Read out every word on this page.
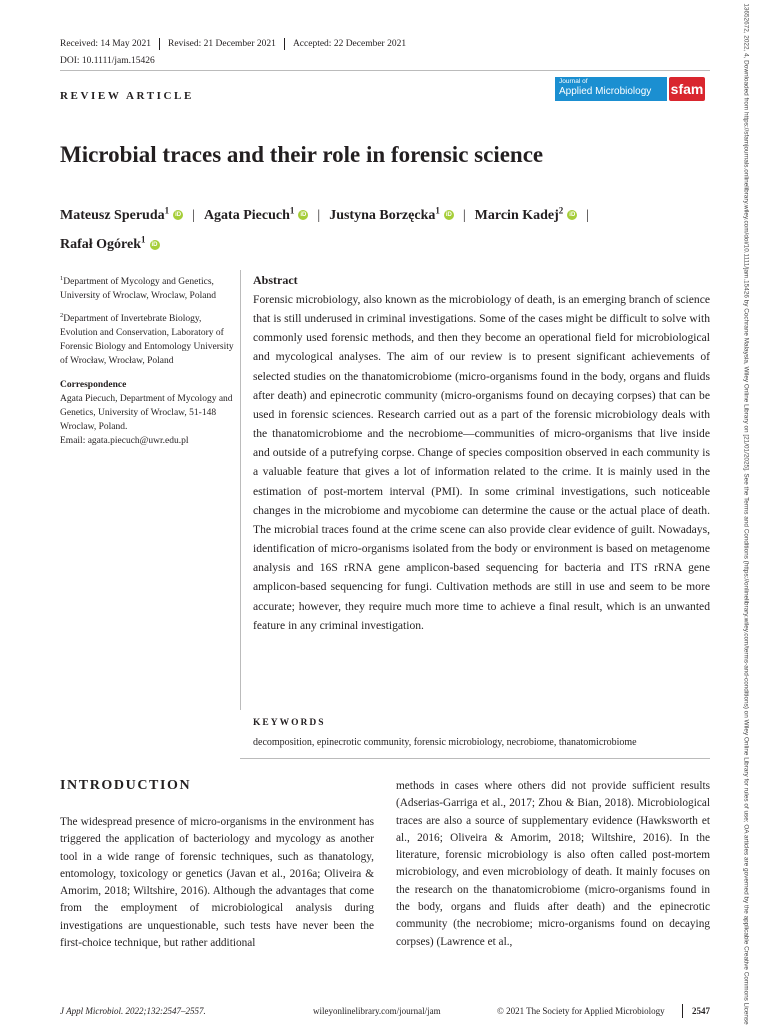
Received: 14 May 2021 Revised: 21 December 2021 Accepted: 22 December 2021
DOI: 10.1111/jam.15426
REVIEW ARTICLE
Journal of
Applied Microbiology sfam
Microbial traces and their role in forensic science
Mateusz Speruda$^1$iD | Agata Piecuch$^1$iD | Justyna Borzęcka$^1$iD | Marcin Kadej$^2$iD |
Rafał Ogórek$^1$iD

$^1$Department of Mycology and Genetics, University of Wroclaw, Wroclaw, Poland

$^2$Department of Invertebrate Biology, Evolution and Conservation, Laboratory of Forensic Biology and Entomology University of Wrocław, Wrocław, Poland

Correspondence
Agata Piecuch, Department of Mycology and Genetics, University of Wroclaw, 51-148 Wroclaw, Poland.
Email: agata.piecuch@uwr.edu.pl
Abstract

Forensic microbiology, also known as the microbiology of death, is an emerging branch of science that is still underused in criminal investigations. Some of the cases might be difficult to solve with commonly used forensic methods, and then they become an operational field for microbiological and mycological analyses. The aim of our review is to present significant achievements of selected studies on the thanatomicrobiome (micro-organisms found in the body, organs and fluids after death) and epinecrotic community (micro-organisms found on decaying corpses) that can be used in forensic sciences. Research carried out as a part of the forensic microbiology deals with the thanatomicrobiome and the necrobiome—communities of micro-organisms that live inside and outside of a putrefying corpse. Change of species composition observed in each community is a valuable feature that gives a lot of information related to the crime. It is mainly used in the estimation of post-mortem interval (PMI). In some criminal investigations, such noticeable changes in the microbiome and mycobiome can determine the cause or the actual place of death. The microbial traces found at the crime scene can also provide clear evidence of guilt. Nowadays, identification of micro-organisms isolated from the body or environment is based on metagenome analysis and 16S rRNA gene amplicon-based sequencing for bacteria and ITS rRNA gene amplicon-based sequencing for fungi. Cultivation methods are still in use and seem to be more accurate; however, they require much more time to achieve a final result, which is an unwanted feature in any criminal investigation.

KEYWORDS
decomposition, epinecrotic community, forensic microbiology, necrobiome, thanatomicrobiome
INTRODUCTION

The widespread presence of micro-organisms in the environment has triggered the application of bacteriology and mycology as another tool in a wide range of forensic techniques, such as thanatology, entomology, toxicology or genetics (Javan et al., 2016a; Oliveira & Amorim, 2018; Wiltshire, 2016). Although the advantages that come from the employment of microbiological analysis during investigations are unquestionable, such tests have never been the first-choice technique, but rather additional

methods in cases where others did not provide sufficient results (Adserias-Garriga et al., 2017; Zhou & Bian, 2018). Microbiological traces are also a source of supplementary evidence (Hawksworth et al., 2016; Oliveira & Amorim, 2018; Wiltshire, 2016). In the literature, forensic microbiology is also often called post-mortem microbiology, and even microbiology of death. It mainly focuses on the research on the thanatomicrobiome (micro-organisms found in the body, organs and fluids after death) and the epinecrotic community (the necrobiome; micro-organisms found on decaying corpses) (Lawrence et al.,

J Appl Microbiol. 2022;132:2547–2557.	wileyonlinelibrary.com/journal/jam	© 2021 The Society for Applied Microbiology	2547	13652672, 2022, 4, Downloaded from https://sfamjournals.onlinelibrary.wiley.com/doi/10.1111/jam.15426 by Cochrane Malaysia, Wiley Online Library on [21/01/2025]. See the Terms and Conditions (https://onlinelibrary.wiley.com/terms-and-conditions) on Wiley Online Library for rules of use; OA articles are governed by the applicable Creative Commons License
